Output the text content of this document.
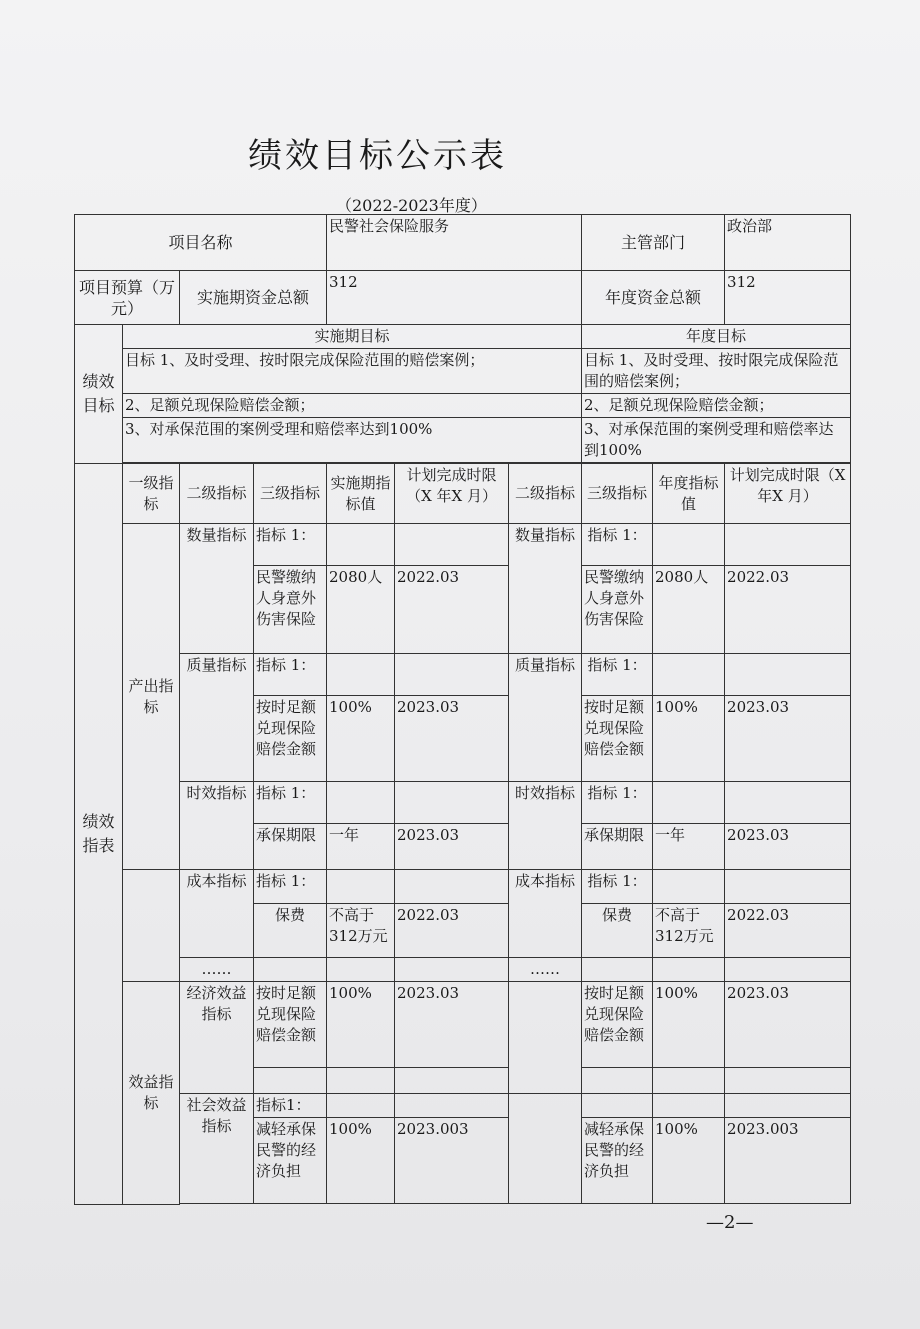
绩效目标公示表
（2022-2023年度）
项目名称				民警社会保险服务			主管部门		政治部
项目预算（万元）		实施期资金总额		312			年度资金总额		312
绩效目标	实施期目标						年度目标		
	目标 1、及时受理、按时限完成保险范围的赔偿案例；						目标 1、及时受理、按时限完成保险范围的赔偿案例；		
	2、足额兑现保险赔偿金额；						2、足额兑现保险赔偿金额；		
	3、对承保范围的案例受理和赔偿率达到100%						3、对承保范围的案例受理和赔偿率达到100%		

绩效指表	一级指标	二级指标	三级指标	实施期指标值	计划完成时限（X 年X 月）	二级指标	三级指标	年度指标值	计划完成时限（X 年X 月）
	产出指标	数量指标	指标 1：			数量指标	指标 1：		
			民警缴纳人身意外伤害保险	2080人	2022.03		民警缴纳人身意外伤害保险	2080人	2022.03
		质量指标	指标 1：			质量指标	指标 1：		
			按时足额兑现保险赔偿金额	100%	2023.03		按时足额兑现保险赔偿金额	100%	2023.03
		时效指标	指标 1：			时效指标	指标 1：		
			承保期限	一年	2023.03		承保期限	一年	2023.03
		成本指标	指标 1：			成本指标	指标 1：		
			保费	不高于312万元	2022.03		保费	不高于312万元	2022.03
		……				……			
	效益指标	经济效益指标	按时足额兑现保险赔偿金额	100%	2023.03		按时足额兑现保险赔偿金额	100%	2023.03

		社会效益指标	指标1：						
			减轻承保民警的经济负担	100%	2023.003		减轻承保民警的经济负担	100%	2023.003

—2—
